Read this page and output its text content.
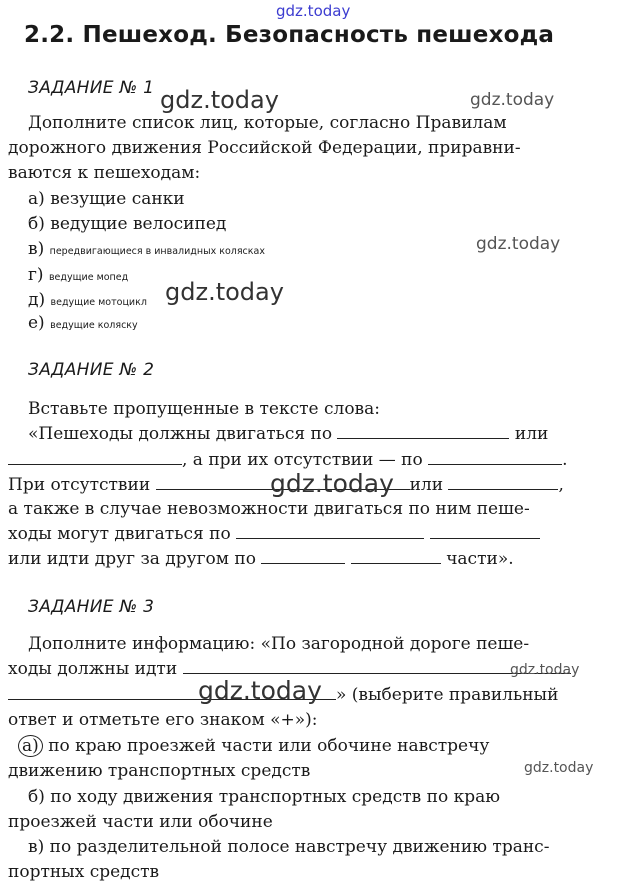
gdz.today
2.2. Пешеход. Безопасность пешехода
ЗАДАНИЕ № 1 gdz.today	gdz.today
Дополните список лиц, которые, согласно Правилам
дорожного движения Российской Федерации, приравни-
ваются к пешеходам:
а) везущие санки
б) ведущие велосипед
в) передвигающиеся в инвалидных колясках	gdz.today
г) ведущие мопед
д) ведущие мотоцикл gdz.today
е) ведущие коляску
ЗАДАНИЕ № 2
Вставьте пропущенные в тексте слова:
«Пешеходы должны двигаться по	или
, а при их отсутствии — по	.
При отсутствии	или	,
gdz.today
а также в случае невозможности двигаться по ним пеше-
ходы могут двигаться по
или идти друг за другом по	части».
ЗАДАНИЕ № 3
Дополните информацию: «По загородной дороге пеше-
ходы должны идти	gdz.today
» (выберите правильный
gdz.today
ответ и отметьте его знаком «+»):
а) по краю проезжей части или обочине навстречу
движению транспортных средств	gdz.today
б) по ходу движения транспортных средств по краю
проезжей части или обочине
в) по разделительной полосе навстречу движению транс-
портных средств
